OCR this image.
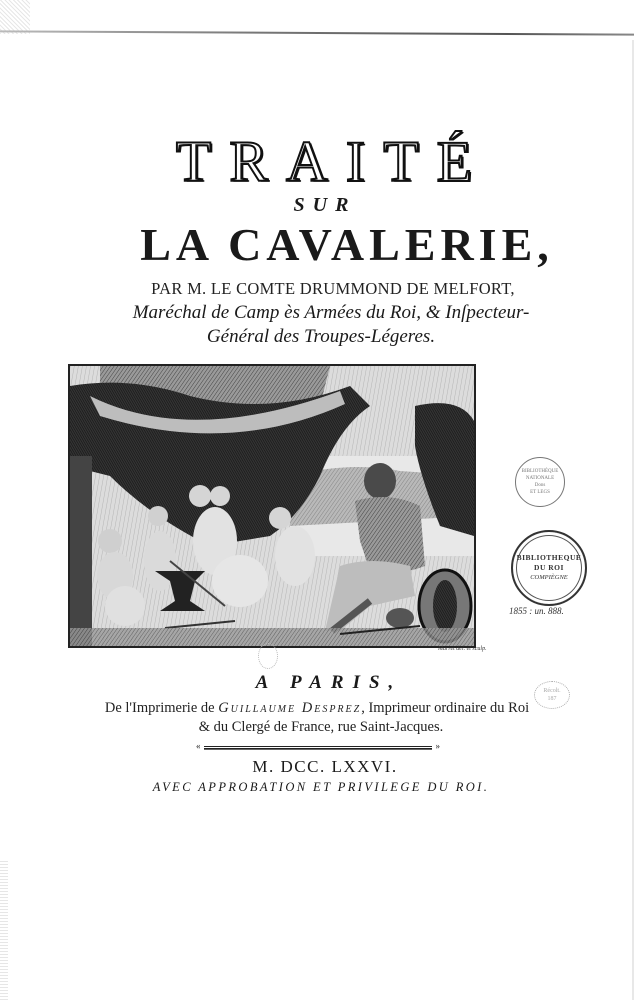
TRAITÉ
SUR
LA CAVALERIE,
PAR M. LE COMTE DRUMMOND DE MELFORT,
Maréchal de Camp ès Armées du Roi, & Inſpecteur-
Général des Troupes-Légeres.
Marret del. et sculp.
BIBLIOTHÈQUE NATIONALE
Dons
ET LEGS
BIBLIOTHEQUE DU ROI
COMPIÈGNE
1855 : un. 888.
Récolt.
187
A PARIS,
De l'Imprimerie de Guillaume Desprez, Imprimeur ordinaire du Roi
& du Clergé de France, rue Saint-Jacques.
«	»
M. DCC. LXXVI.
AVEC APPROBATION ET PRIVILEGE DU ROI.
